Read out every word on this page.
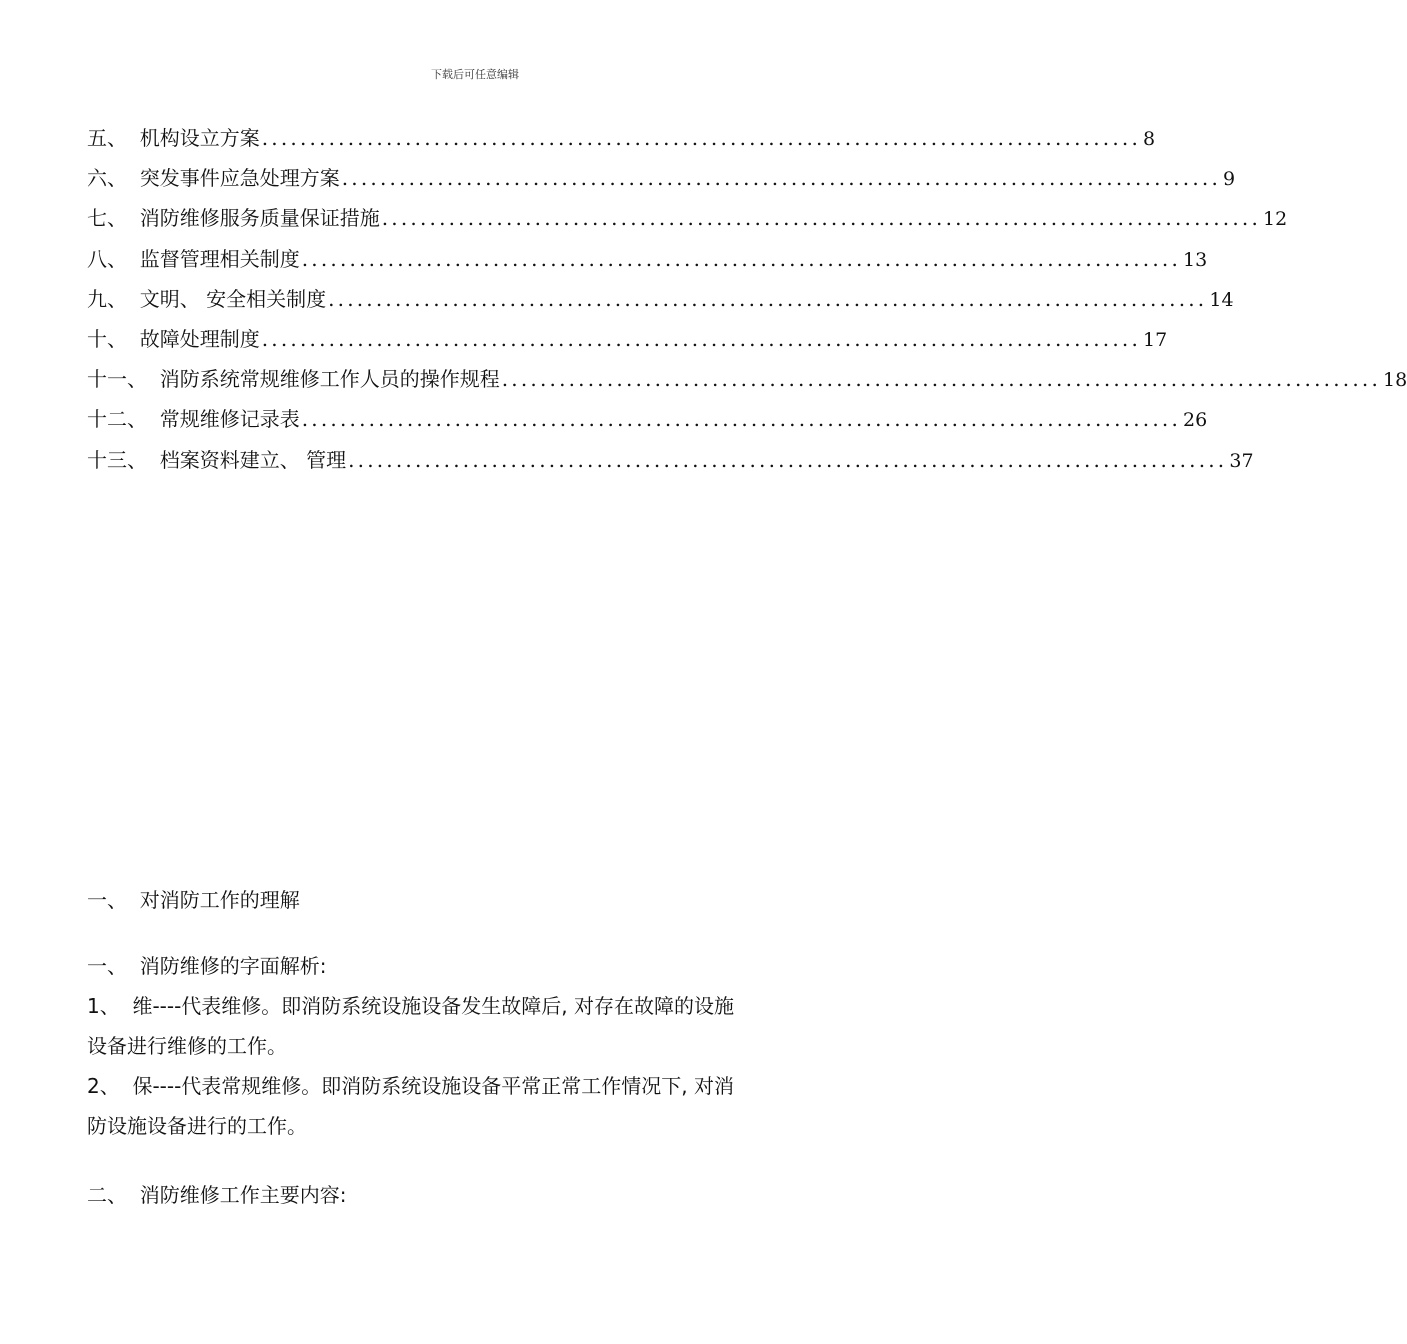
下载后可任意编辑
五、 机构设立方案 ............................................................................................ 8
六、 突发事件应急处理方案 ............................................................................................ 9
七、 消防维修服务质量保证措施 ............................................................................................ 12
八、 监督管理相关制度 ............................................................................................ 13
九、 文明、 安全相关制度 ............................................................................................ 14
十、 故障处理制度 ............................................................................................ 17
十一、 消防系统常规维修工作人员的操作规程 ............................................................................................ 18
十二、 常规维修记录表 ............................................................................................ 26
十三、 档案资料建立、 管理 ............................................................................................ 37
一、  对消防工作的理解
一、  消防维修的字面解析:
1、  维----代表维修。即消防系统设施设备发生故障后, 对存在故障的设施
设备进行维修的工作。
2、  保----代表常规维修。即消防系统设施设备平常正常工作情况下, 对消
防设施设备进行的工作。
二、  消防维修工作主要内容:
